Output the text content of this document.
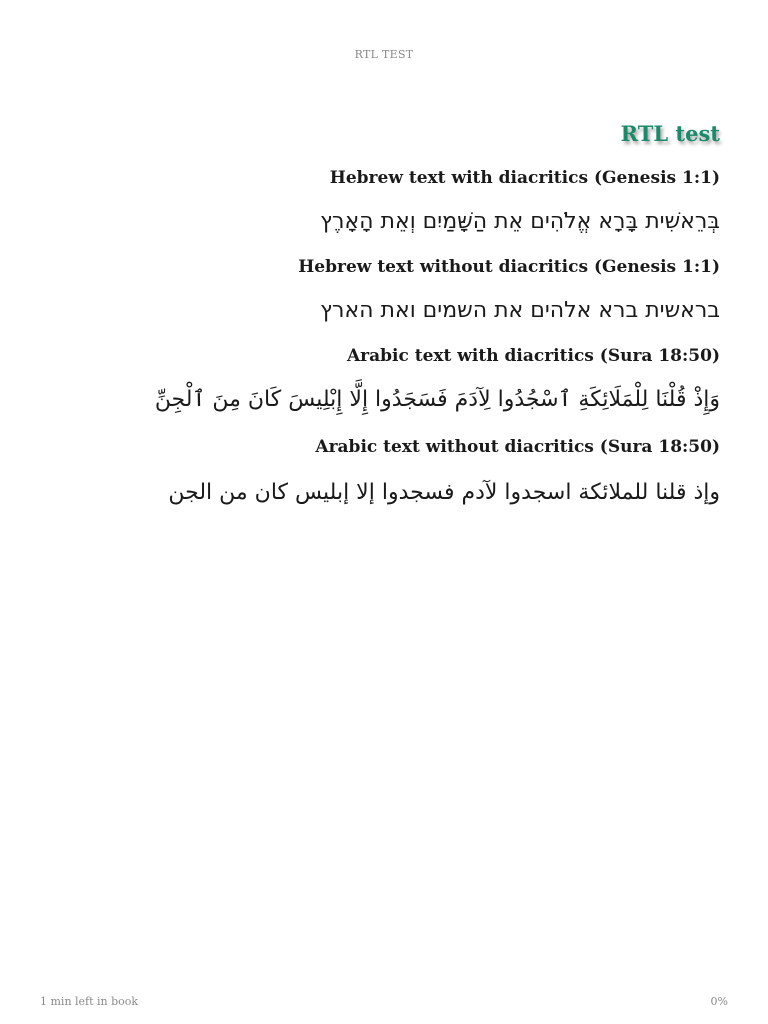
RTL TEST
RTL test
Hebrew text with diacritics (Genesis 1:1)

בְּרֵאשִׁית בָּרָא אֱלֹהִים אֵת הַשָּׁמַיִם וְאֵת הָאָרֶץ

Hebrew text without diacritics (Genesis 1:1)

בראשית ברא אלהים את השמים ואת הארץ

Arabic text with diacritics (Sura 18:50)

وَإِذْ قُلْنَا لِلْمَلَائِكَةِ ٱسْجُدُوا لِآدَمَ فَسَجَدُوا إِلَّا إِبْلِيسَ كَانَ مِنَ ٱلْجِنِّ

Arabic text without diacritics (Sura 18:50)

وإذ قلنا للملائكة اسجدوا لآدم فسجدوا إلا إبليس كان من الجن

1 min left in book	0%
